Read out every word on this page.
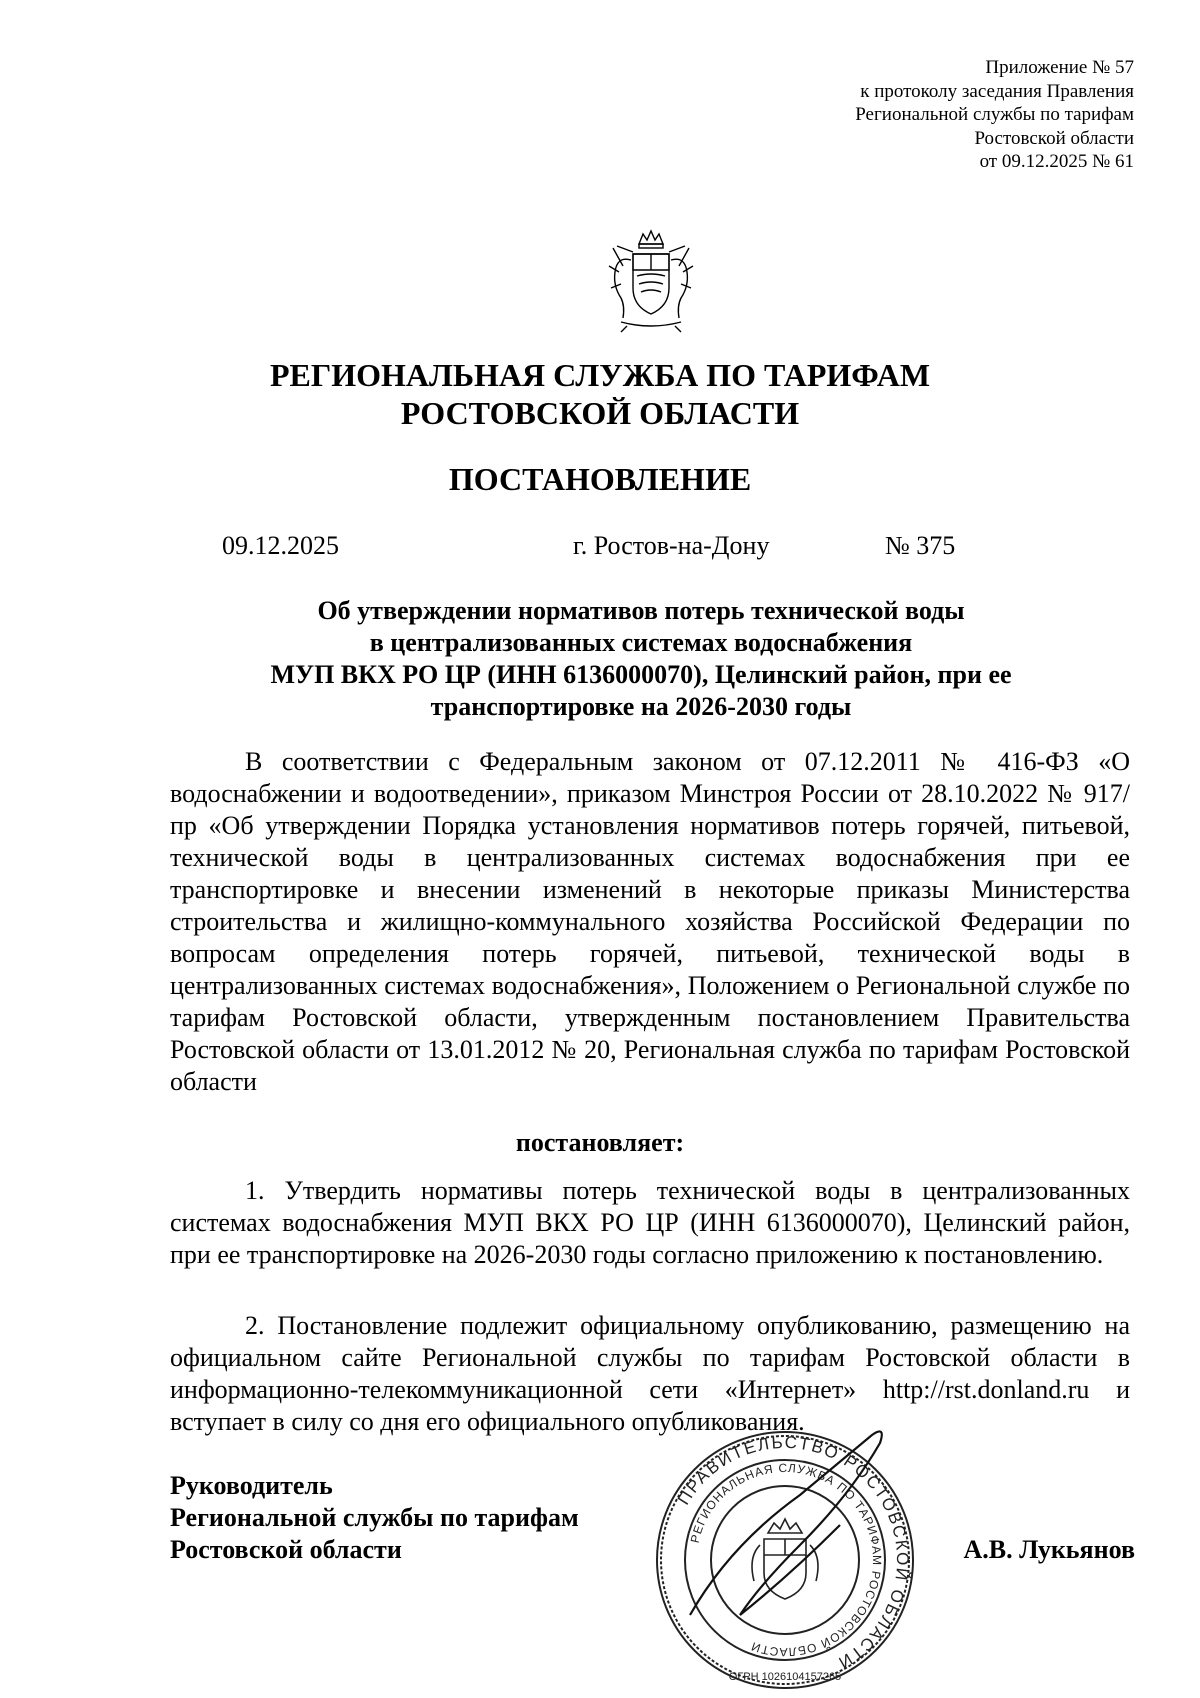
Приложение № 57
к протоколу заседания Правления
Региональной службы по тарифам
Ростовской области
от 09.12.2025 № 61
РЕГИОНАЛЬНАЯ СЛУЖБА ПО ТАРИФАМ
РОСТОВСКОЙ ОБЛАСТИ
ПОСТАНОВЛЕНИЕ
09.12.2025	г. Ростов-на-Дону	№ 375
Об утверждении нормативов потерь технической воды
в централизованных системах водоснабжения
МУП ВКХ РО ЦР (ИНН 6136000070), Целинский район, при ее
транспортировке на 2026-2030 годы
В соответствии с Федеральным законом от 07.12.2011 № 416-ФЗ «О водоснабжении и водоотведении», приказом Минстроя России от 28.10.2022 № 917/пр «Об утверждении Порядка установления нормативов потерь горячей, питьевой, технической воды в централизованных системах водоснабжения при ее транспортировке и внесении изменений в некоторые приказы Министерства строительства и жилищно-коммунального хозяйства Российской Федерации по вопросам определения потерь горячей, питьевой, технической воды в централизованных системах водоснабжения», Положением о Региональной службе по тарифам Ростовской области, утвержденным постановлением Правительства Ростовской области от 13.01.2012 № 20, Региональная служба по тарифам Ростовской области
постановляет:
1. Утвердить нормативы потерь технической воды в централизованных системах водоснабжения МУП ВКХ РО ЦР (ИНН 6136000070), Целинский район, при ее транспортировке на 2026-2030 годы согласно приложению к постановлению.
2. Постановление подлежит официальному опубликованию, размещению на официальном сайте Региональной службы по тарифам Ростовской области в информационно-телекоммуникационной сети «Интернет» http://rst.donland.ru и вступает в силу со дня его официального опубликования.
Руководитель
Региональной службы по тарифам
Ростовской области
ПРАВИТЕЛЬСТВО РОСТОВСКОЙ ОБЛАСТИ
РЕГИОНАЛЬНАЯ СЛУЖБА ПО ТАРИФАМ РОСТОВСКОЙ ОБЛАСТИ
ОГРН 1026104157265
А.В. Лукьянов
